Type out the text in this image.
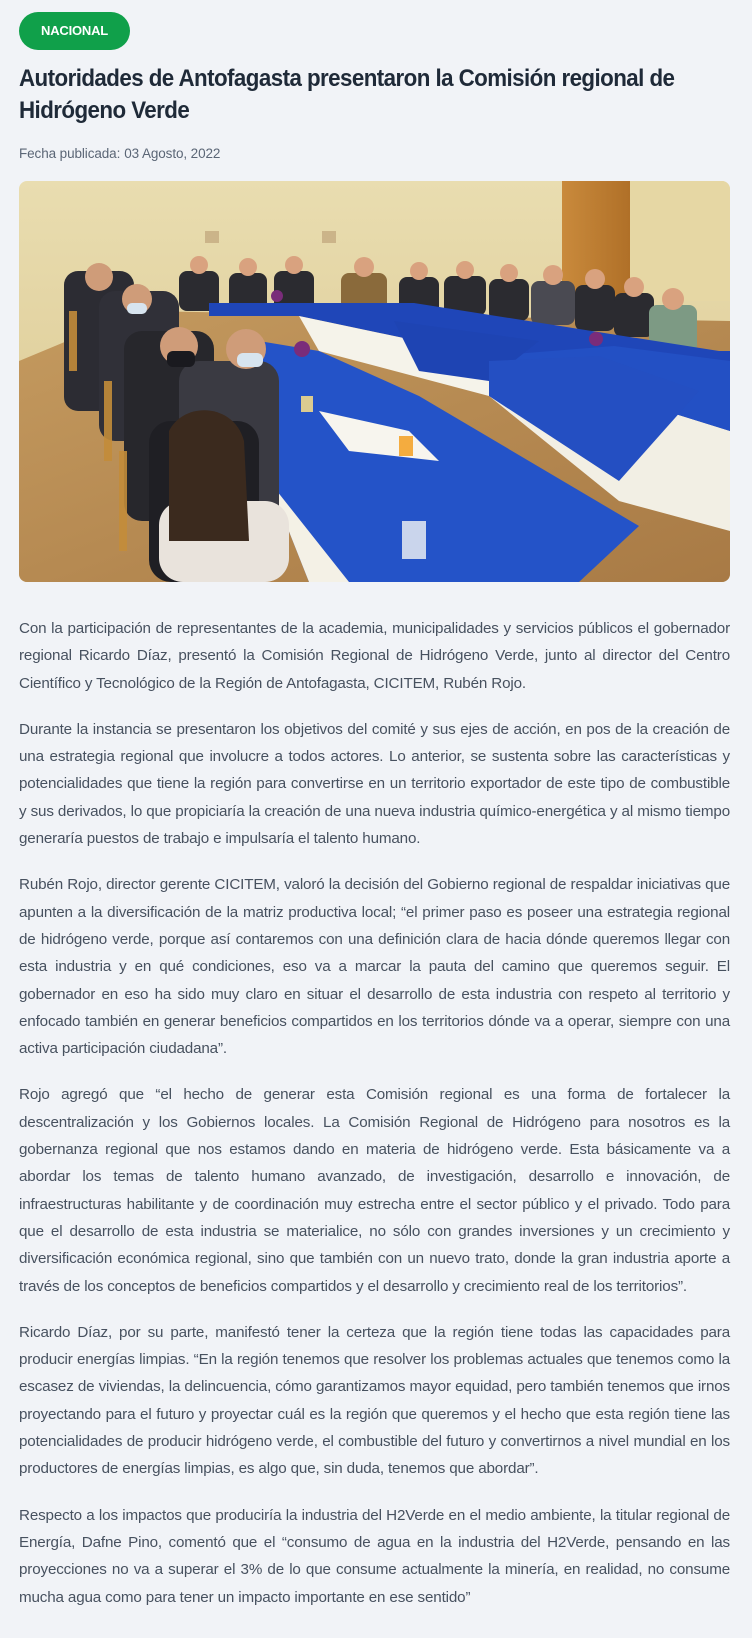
NACIONAL
Autoridades de Antofagasta presentaron la Comisión regional de Hidrógeno Verde
Fecha publicada: 03 Agosto, 2022

Con la participación de representantes de la academia, municipalidades y servicios públicos el gobernador regional Ricardo Díaz, presentó la Comisión Regional de Hidrógeno Verde, junto al director del Centro Científico y Tecnológico de la Región de Antofagasta, CICITEM, Rubén Rojo.

Durante la instancia se presentaron los objetivos del comité y sus ejes de acción, en pos de la creación de una estrategia regional que involucre a todos actores. Lo anterior, se sustenta sobre las características y potencialidades que tiene la región para convertirse en un territorio exportador de este tipo de combustible y sus derivados, lo que propiciaría la creación de una nueva industria químico-energética y al mismo tiempo generaría puestos de trabajo e impulsaría el talento humano.

Rubén Rojo, director gerente CICITEM, valoró la decisión del Gobierno regional de respaldar iniciativas que apunten a la diversificación de la matriz productiva local; “el primer paso es poseer una estrategia regional de hidrógeno verde, porque así contaremos con una definición clara de hacia dónde queremos llegar con esta industria y en qué condiciones, eso va a marcar la pauta del camino que queremos seguir. El gobernador en eso ha sido muy claro en situar el desarrollo de esta industria con respeto al territorio y enfocado también en generar beneficios compartidos en los territorios dónde va a operar, siempre con una activa participación ciudadana”.

Rojo agregó que “el hecho de generar esta Comisión regional es una forma de fortalecer la descentralización y los Gobiernos locales. La Comisión Regional de Hidrógeno para nosotros es la gobernanza regional que nos estamos dando en materia de hidrógeno verde. Esta básicamente va a abordar los temas de talento humano avanzado, de investigación, desarrollo e innovación, de infraestructuras habilitante y de coordinación muy estrecha entre el sector público y el privado. Todo para que el desarrollo de esta industria se materialice, no sólo con grandes inversiones y un crecimiento y diversificación económica regional, sino que también con un nuevo trato, donde la gran industria aporte a través de los conceptos de beneficios compartidos y el desarrollo y crecimiento real de los territorios”.

Ricardo Díaz, por su parte, manifestó tener la certeza que la región tiene todas las capacidades para producir energías limpias. “En la región tenemos que resolver los problemas actuales que tenemos como la escasez de viviendas, la delincuencia, cómo garantizamos mayor equidad, pero también tenemos que irnos proyectando para el futuro y proyectar cuál es la región que queremos y el hecho que esta región tiene las potencialidades de producir hidrógeno verde, el combustible del futuro y convertirnos a nivel mundial en los productores de energías limpias, es algo que, sin duda, tenemos que abordar”.

Respecto a los impactos que produciría la industria del H2Verde en el medio ambiente, la titular regional de Energía, Dafne Pino, comentó que el “consumo de agua en la industria del H2Verde, pensando en las proyecciones no va a superar el 3% de lo que consume actualmente la minería, en realidad, no consume mucha agua como para tener un impacto importante en ese sentido”
